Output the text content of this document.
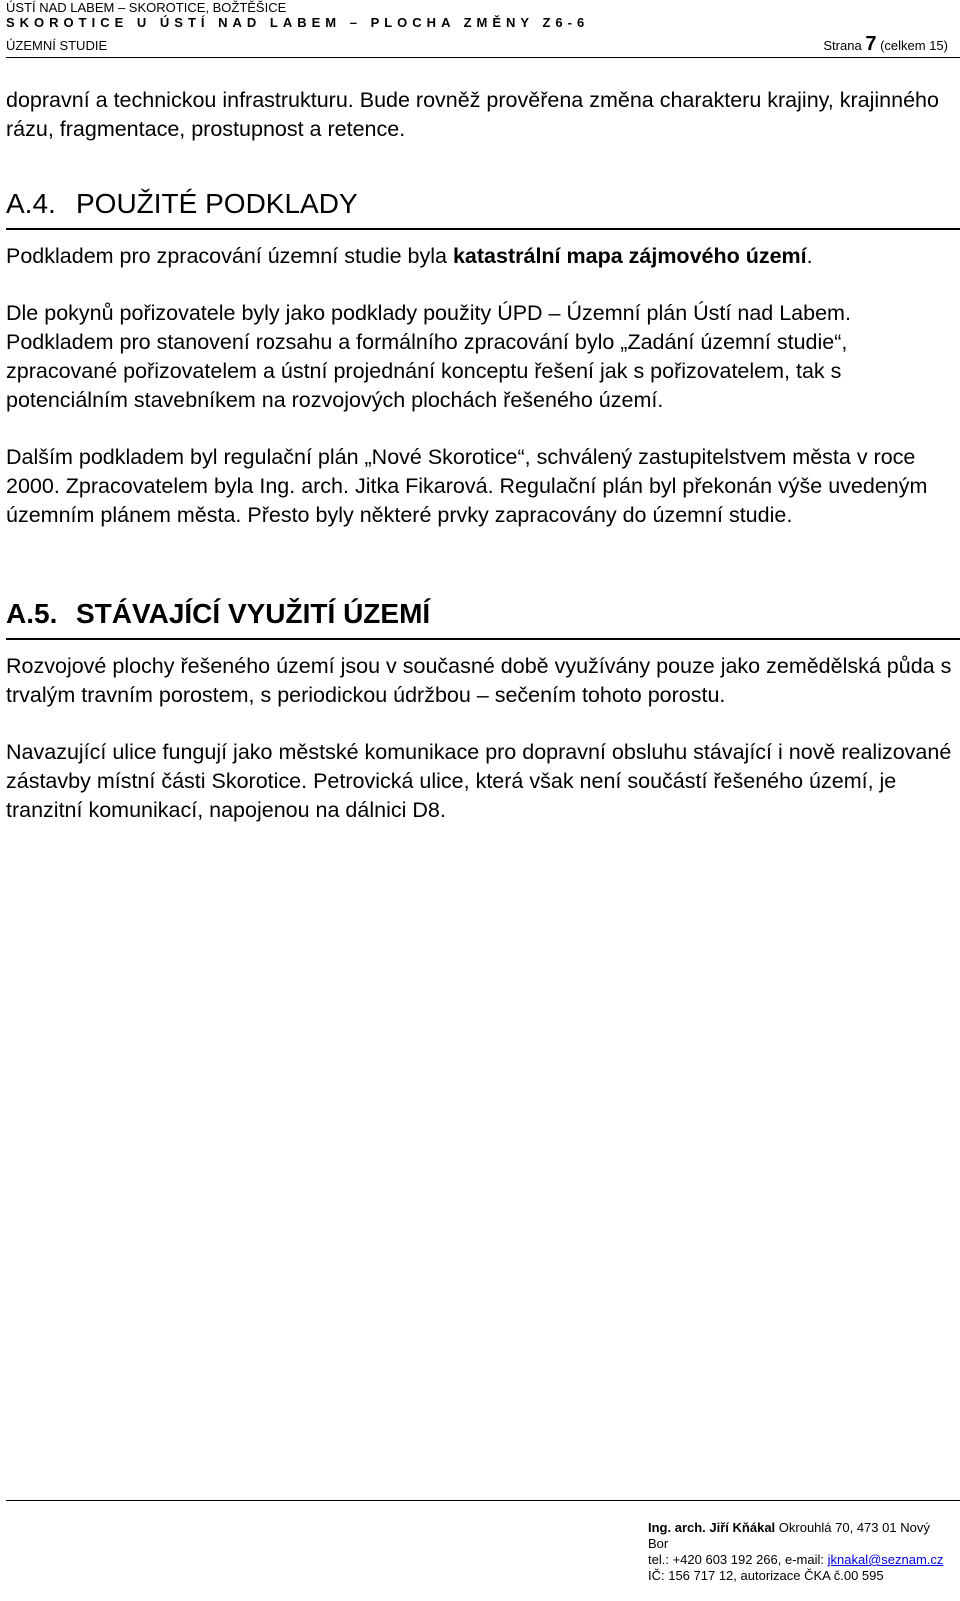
ÚSTÍ NAD LABEM – SKOROTICE, BOŽTĚŠICE
SKOROTICE U ÚSTÍ NAD LABEM – PLOCHA ZMĚNY Z6-6
ÚZEMNÍ STUDIE	Strana 7 (celkem 15)

dopravní a technickou infrastrukturu. Bude rovněž prověřena změna charakteru krajiny, krajinného rázu, fragmentace, prostupnost a retence.

A.4. POUŽITÉ PODKLADY

Podkladem pro zpracování územní studie byla katastrální mapa zájmového území.

Dle pokynů pořizovatele byly jako podklady použity ÚPD – Územní plán Ústí nad Labem. Podkladem pro stanovení rozsahu a formálního zpracování bylo „Zadání územní studie“, zpracované pořizovatelem a ústní projednání konceptu řešení jak s pořizovatelem, tak s potenciálním stavebníkem na rozvojových plochách řešeného území.

Dalším podkladem byl regulační plán „Nové Skorotice“, schválený zastupitelstvem města v roce 2000. Zpracovatelem byla Ing. arch. Jitka Fikarová. Regulační plán byl překonán výše uvedeným územním plánem města. Přesto byly některé prvky zapracovány do územní studie.

A.5. STÁVAJÍCÍ VYUŽITÍ ÚZEMÍ

Rozvojové plochy řešeného území jsou v současné době využívány pouze jako zemědělská půda s trvalým travním porostem, s periodickou údržbou – sečením tohoto porostu.

Navazující ulice fungují jako městské komunikace pro dopravní obsluhu stávající i nově realizované zástavby místní části Skorotice. Petrovická ulice, která však není součástí řešeného území, je tranzitní komunikací, napojenou na dálnici D8.

Ing. arch. Jiří Kňákal Okrouhlá 70, 473 01 Nový Bor
tel.: +420 603 192 266, e-mail: jknakal@seznam.cz
IČ: 156 717 12, autorizace ČKA č.00 595
